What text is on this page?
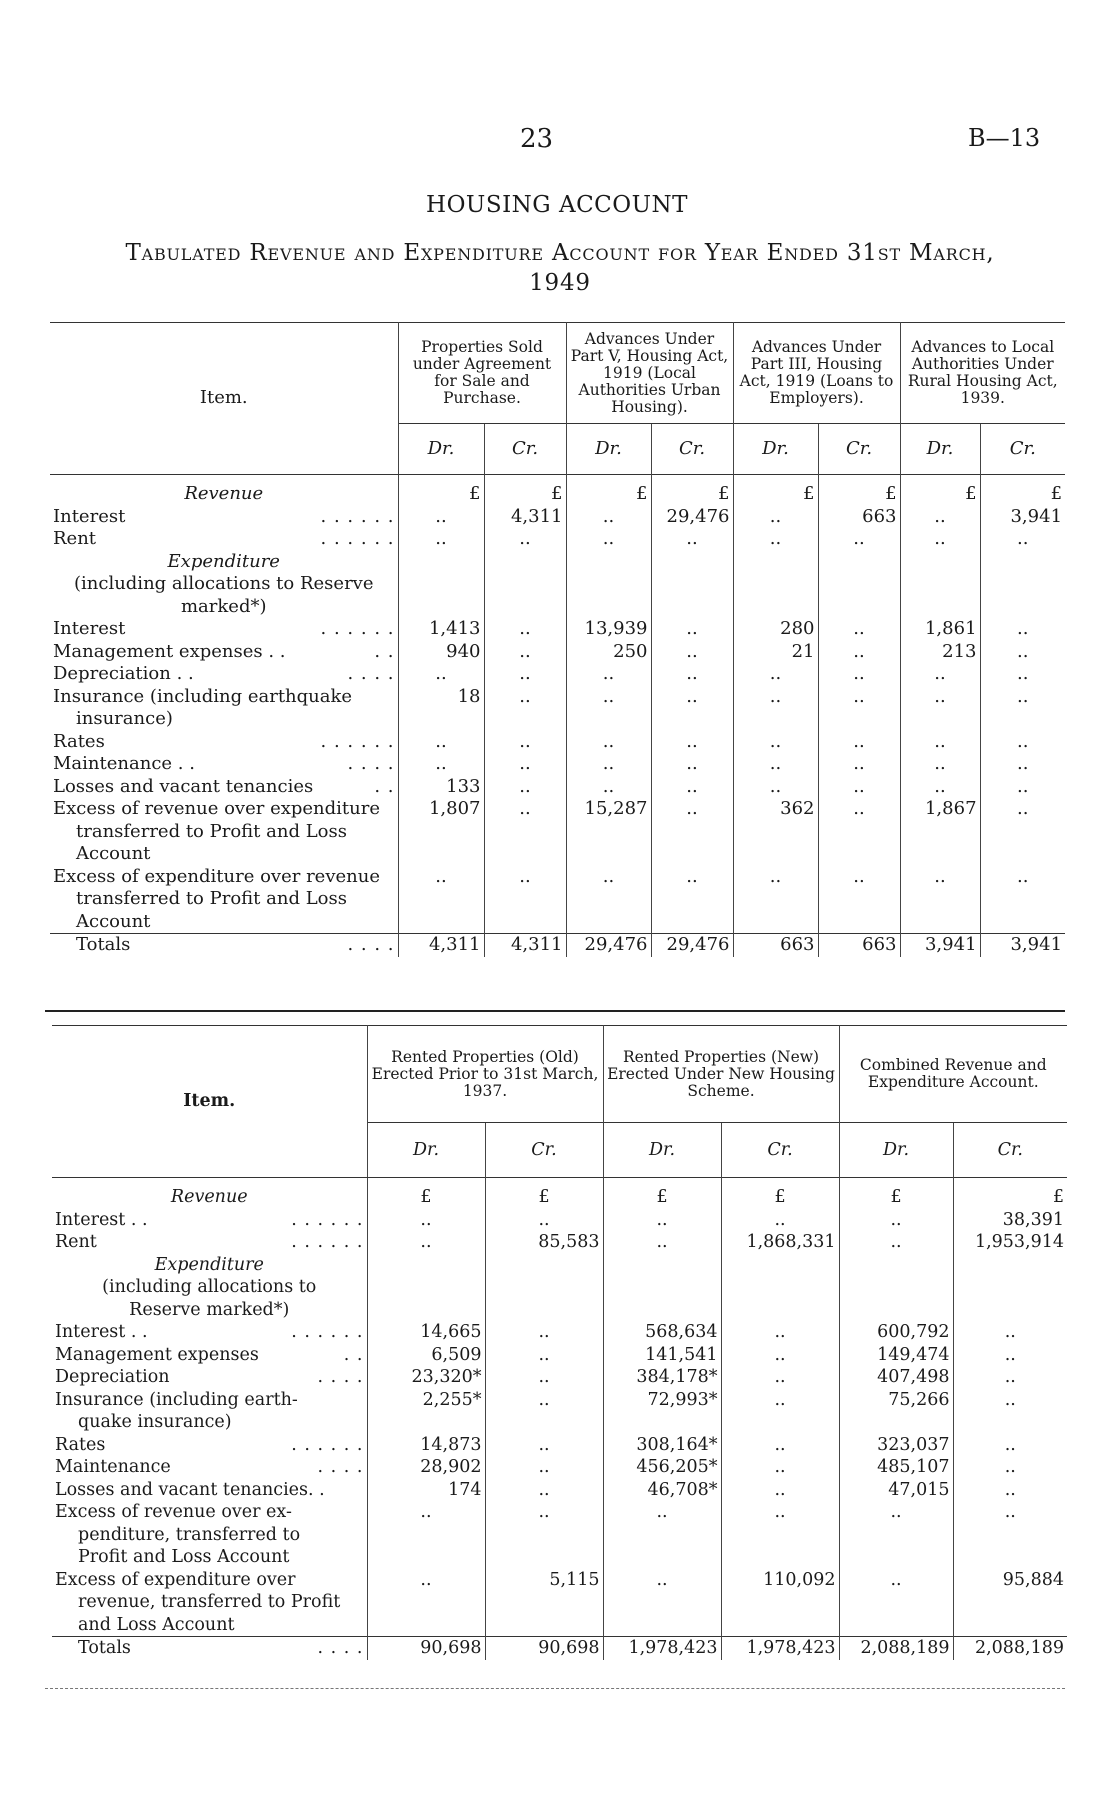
23	B—13
HOUSING ACCOUNT
Tabulated Revenue and Expenditure Account for Year Ended 31st March,
1949
Item.	Properties Sold under Agreement for Sale and Purchase.		Advances Under Part V, Housing Act, 1919 (Local Authorities Urban Housing).		Advances Under Part III, Housing Act, 1919 (Loans to Employers).		Advances to Local Authorities Under Rural Housing Act, 1939.	
	Dr.	Cr.	Dr.	Cr.	Dr.	Cr.	Dr.	Cr.
Revenue	£	£	£	£	£	£	£	£
Interest . . . . . .	..	4,311	..	29,476	..	663	..	3,941
Rent . . . . . .	..	..	..	..	..	..	..	..
Expenditure								
(including allocations to Reserve								
marked*)								
Interest . . . . . .	1,413	..	13,939	..	280	..	1,861	..
Management expenses . . . .	940	..	250	..	21	..	213	..
Depreciation . . . . . .	..	..	..	..	..	..	..	..
Insurance (including earthquake	18	..	..	..	..	..	..	..
insurance)								
Rates . . . . . .	..	..	..	..	..	..	..	..
Maintenance . . . . . .	..	..	..	..	..	..	..	..
Losses and vacant tenancies . .	133	..	..	..	..	..	..	..
Excess of revenue over expenditure	1,807	..	15,287	..	362	..	1,867	..
transferred to Profit and Loss								
Account								
Excess of expenditure over revenue	..	..	..	..	..	..	..	..
transferred to Profit and Loss								
Account								
Totals . . . .	4,311	4,311	29,476	29,476	663	663	3,941	3,941
Item.	Rented Properties (Old) Erected Prior to 31st March, 1937.		Rented Properties (New) Erected Under New Housing Scheme.		Combined Revenue and Expenditure Account.	
	Dr.	Cr.	Dr.	Cr.	Dr.	Cr.
Revenue	£	£	£	£	£	£
Interest . . . . . . . .	..	..	..	..	..	38,391
Rent . . . . . .	..	85,583	..	1,868,331	..	1,953,914
Expenditure						
(including allocations to						
Reserve marked*)						
Interest . . . . . . . .	14,665	..	568,634	..	600,792	..
Management expenses . .	6,509	..	141,541	..	149,474	..
Depreciation . . . .	23,320*	..	384,178*	..	407,498	..
Insurance (including earth-	2,255*	..	72,993*	..	75,266	..
quake insurance)						
Rates . . . . . .	14,873	..	308,164*	..	323,037	..
Maintenance . . . .	28,902	..	456,205*	..	485,107	..
Losses and vacant tenancies. .	174	..	46,708*	..	47,015	..
Excess of revenue over ex-	..	..	..	..	..	..
penditure, transferred to						
Profit and Loss Account						
Excess of expenditure over	..	5,115	..	110,092	..	95,884
revenue, transferred to Profit						
and Loss Account						
Totals . . . .	90,698	90,698	1,978,423	1,978,423	2,088,189	2,088,189
